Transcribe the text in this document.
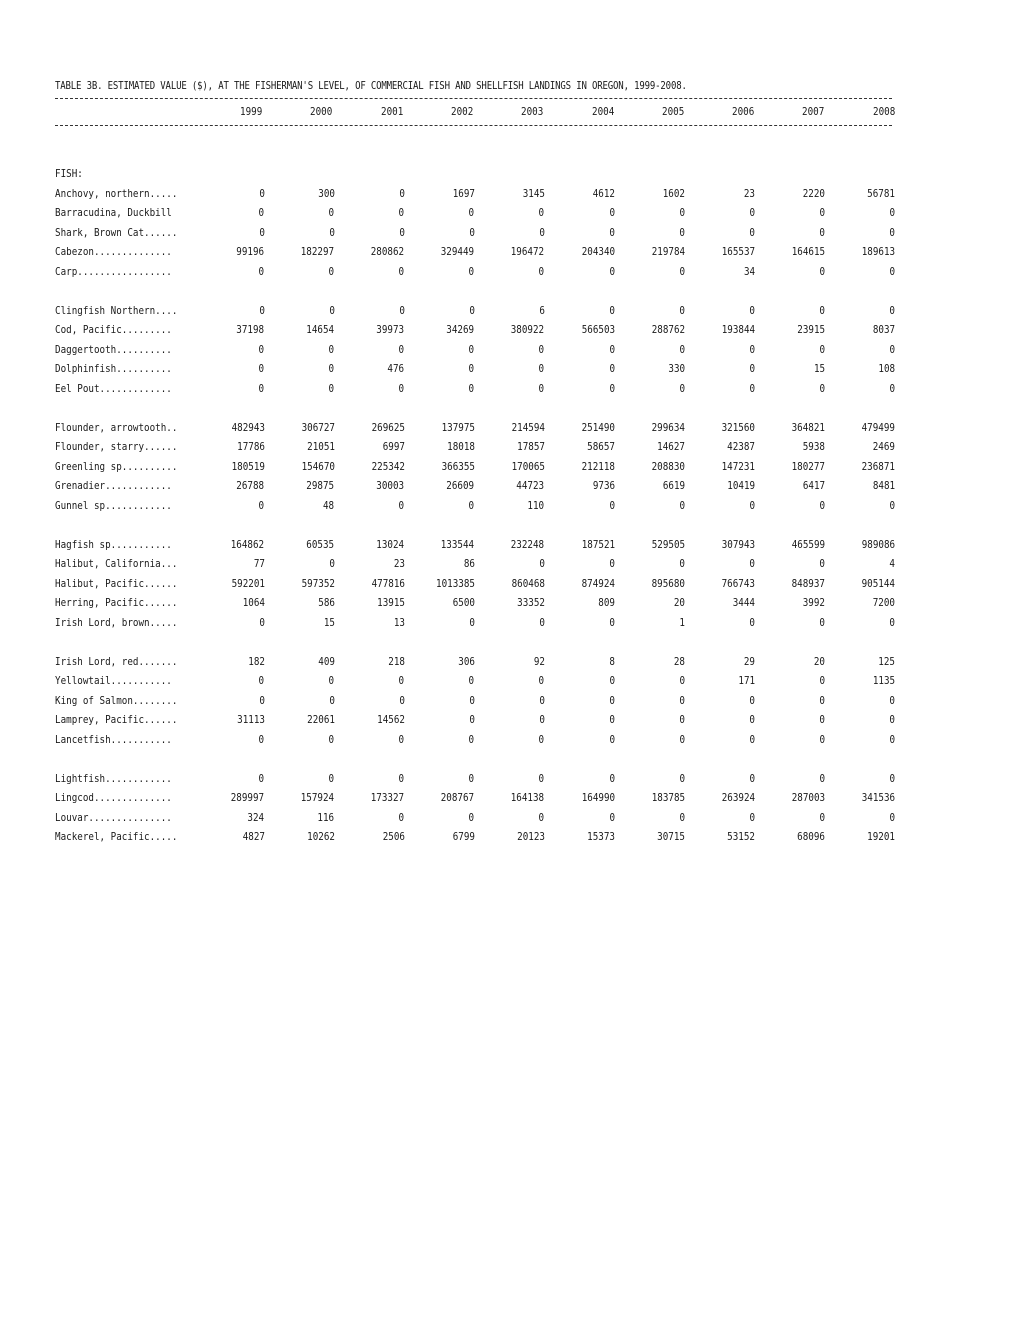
TABLE 3B. ESTIMATED VALUE ($), AT THE FISHERMAN'S LEVEL, OF COMMERCIAL FISH AND SHELLFISH LANDINGS IN OREGON, 1999-2008.
1999	2000	2001	2002	2003	2004	2005	2006	2007	2008
FISH:
Anchovy, northern.....	0	300	0	1697	3145	4612	1602	23	2220	56781
Barracudina, Duckbill	0	0	0	0	0	0	0	0	0	0
Shark, Brown Cat......	0	0	0	0	0	0	0	0	0	0
Cabezon..............	99196	182297	280862	329449	196472	204340	219784	165537	164615	189613
Carp.................	0	0	0	0	0	0	0	34	0	0
Clingfish Northern....	0	0	0	0	6	0	0	0	0	0
Cod, Pacific.........	37198	14654	39973	34269	380922	566503	288762	193844	23915	8037
Daggertooth..........	0	0	0	0	0	0	0	0	0	0
Dolphinfish..........	0	0	476	0	0	0	330	0	15	108
Eel Pout.............	0	0	0	0	0	0	0	0	0	0
Flounder, arrowtooth..	482943	306727	269625	137975	214594	251490	299634	321560	364821	479499
Flounder, starry......	17786	21051	6997	18018	17857	58657	14627	42387	5938	2469
Greenling sp..........	180519	154670	225342	366355	170065	212118	208830	147231	180277	236871
Grenadier............	26788	29875	30003	26609	44723	9736	6619	10419	6417	8481
Gunnel sp............	0	48	0	0	110	0	0	0	0	0
Hagfish sp...........	164862	60535	13024	133544	232248	187521	529505	307943	465599	989086
Halibut, California...	77	0	23	86	0	0	0	0	0	4
Halibut, Pacific......	592201	597352	477816	1013385	860468	874924	895680	766743	848937	905144
Herring, Pacific......	1064	586	13915	6500	33352	809	20	3444	3992	7200
Irish Lord, brown.....	0	15	13	0	0	0	1	0	0	0
Irish Lord, red.......	182	409	218	306	92	8	28	29	20	125
Yellowtail...........	0	0	0	0	0	0	0	171	0	1135
King of Salmon........	0	0	0	0	0	0	0	0	0	0
Lamprey, Pacific......	31113	22061	14562	0	0	0	0	0	0	0
Lancetfish...........	0	0	0	0	0	0	0	0	0	0
Lightfish............	0	0	0	0	0	0	0	0	0	0
Lingcod..............	289997	157924	173327	208767	164138	164990	183785	263924	287003	341536
Louvar...............	324	116	0	0	0	0	0	0	0	0
Mackerel, Pacific.....	4827	10262	2506	6799	20123	15373	30715	53152	68096	19201
